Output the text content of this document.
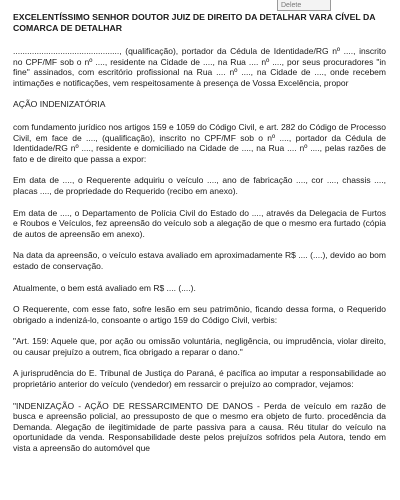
Delete

EXCELENTÍSSIMO SENHOR DOUTOR JUIZ DE DIREITO DA DETALHAR VARA CÍVEL DA COMARCA DE DETALHAR

............................................., (qualificação), portador da Cédula de Identidade/RG nº ...., inscrito no CPF/MF sob o nº ...., residente na Cidade de ...., na Rua .... nº ...., por seus procuradores "in fine" assinados, com escritório profissional na Rua .... nº ...., na Cidade de ...., onde recebem intimações e notificações, vem respeitosamente à presença de Vossa Excelência, propor

AÇÃO INDENIZATÓRIA

com fundamento jurídico nos artigos 159 e 1059 do Código Civil, e art. 282 do Código de Processo Civil, em face de ...., (qualificação), inscrito no CPF/MF sob o nº ...., portador da Cédula de Identidade/RG nº ...., residente e domiciliado na Cidade de ...., na Rua .... nº ...., pelas razões de fato e de direito que passa a expor:

Em data de ...., o Requerente adquiriu o veículo ...., ano de fabricação ...., cor ...., chassis ...., placas ...., de propriedade do Requerido (recibo em anexo).

Em data de ...., o Departamento de Polícia Civil do Estado do ...., através da Delegacia de Furtos e Roubos e Veículos, fez apreensão do veículo sob a alegação de que o mesmo era furtado (cópia de autos de apreensão em anexo).

Na data da apreensão, o veículo estava avaliado em aproximadamente R$ .... (....), devido ao bom estado de conservação.

Atualmente, o bem está avaliado em R$ .... (....).

O Requerente, com esse fato, sofre lesão em seu patrimônio, ficando dessa forma, o Requerido obrigado a indenizá-lo, consoante o artigo 159 do Código Civil, verbis:

"Art. 159: Aquele que, por ação ou omissão voluntária, negligência, ou imprudência, violar direito, ou causar prejuízo a outrem, fica obrigado a reparar o dano."

A jurisprudência do E. Tribunal de Justiça do Paraná, é pacífica ao imputar a responsabilidade ao proprietário anterior do veículo (vendedor) em ressarcir o prejuízo ao comprador, vejamos:

"INDENIZAÇÃO - AÇÃO DE RESSARCIMENTO DE DANOS - Perda de veículo em razão de busca e apreensão policial, ao pressuposto de que o mesmo era objeto de furto. procedência da Demanda. Alegação de ilegitimidade de parte passiva para a causa. Réu titular do veículo na oportunidade da venda. Responsabilidade deste pelos prejuízos sofridos pela Autora, tendo em vista a apreensão do automóvel que
